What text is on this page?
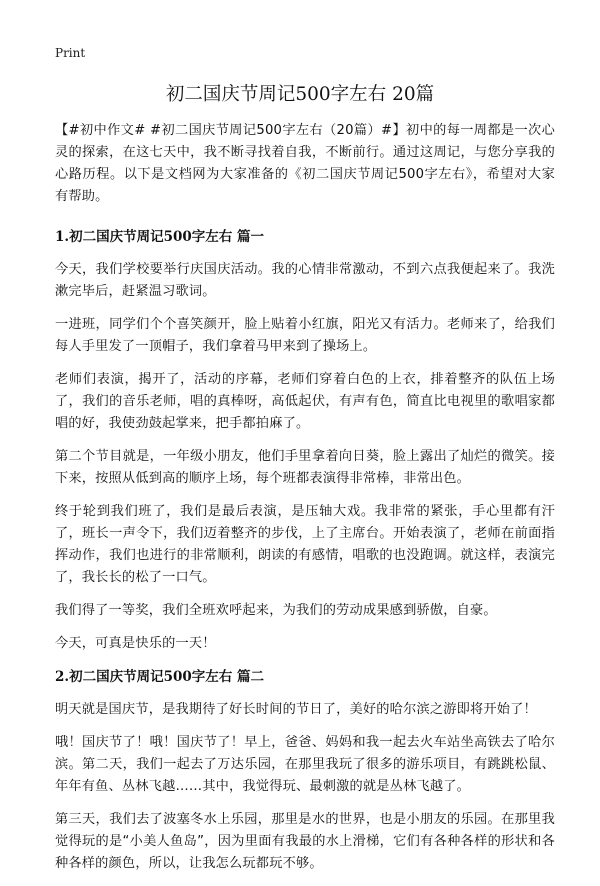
Print
初二国庆节周记500字左右 20篇

【#初中作文# #初二国庆节周记500字左右（20篇）#】初中的每一周都是一次心灵的探索，在这七天中，我不断寻找着自我，不断前行。通过这周记，与您分享我的心路历程。以下是文档网为大家准备的《初二国庆节周记500字左右》，希望对大家有帮助。

1.初二国庆节周记500字左右 篇一

今天，我们学校要举行庆国庆活动。我的心情非常激动，不到六点我便起来了。我洗漱完毕后，赶紧温习歌词。

一进班，同学们个个喜笑颜开，脸上贴着小红旗，阳光又有活力。老师来了，给我们每人手里发了一顶帽子，我们拿着马甲来到了操场上。

老师们表演，揭开了，活动的序幕，老师们穿着白色的上衣，排着整齐的队伍上场了，我们的音乐老师，唱的真棒呀，高低起伏，有声有色，简直比电视里的歌唱家都唱的好，我使劲鼓起掌来，把手都拍麻了。

第二个节目就是，一年级小朋友，他们手里拿着向日葵，脸上露出了灿烂的微笑。接下来，按照从低到高的顺序上场，每个班都表演得非常棒，非常出色。

终于轮到我们班了，我们是最后表演，是压轴大戏。我非常的紧张，手心里都有汗了，班长一声令下，我们迈着整齐的步伐，上了主席台。开始表演了，老师在前面指挥动作，我们也进行的非常顺利，朗读的有感情，唱歌的也没跑调。就这样，表演完了，我长长的松了一口气。

我们得了一等奖，我们全班欢呼起来，为我们的劳动成果感到骄傲，自豪。

今天，可真是快乐的一天！

2.初二国庆节周记500字左右 篇二

明天就是国庆节，是我期待了好长时间的节日了，美好的哈尔滨之游即将开始了！

哦！国庆节了！哦！国庆节了！早上，爸爸、妈妈和我一起去火车站坐高铁去了哈尔滨。第二天，我们一起去了万达乐园，在那里我玩了很多的游乐项目，有跳跳松鼠、年年有鱼、丛林飞越……其中，我觉得玩、最刺激的就是丛林飞越了。

第三天，我们去了波塞冬水上乐园，那里是水的世界，也是小朋友的乐园。在那里我觉得玩的是“小美人鱼岛”，因为里面有我最的水上滑梯，它们有各种各样的形状和各种各样的颜色，所以，让我怎么玩都玩不够。
